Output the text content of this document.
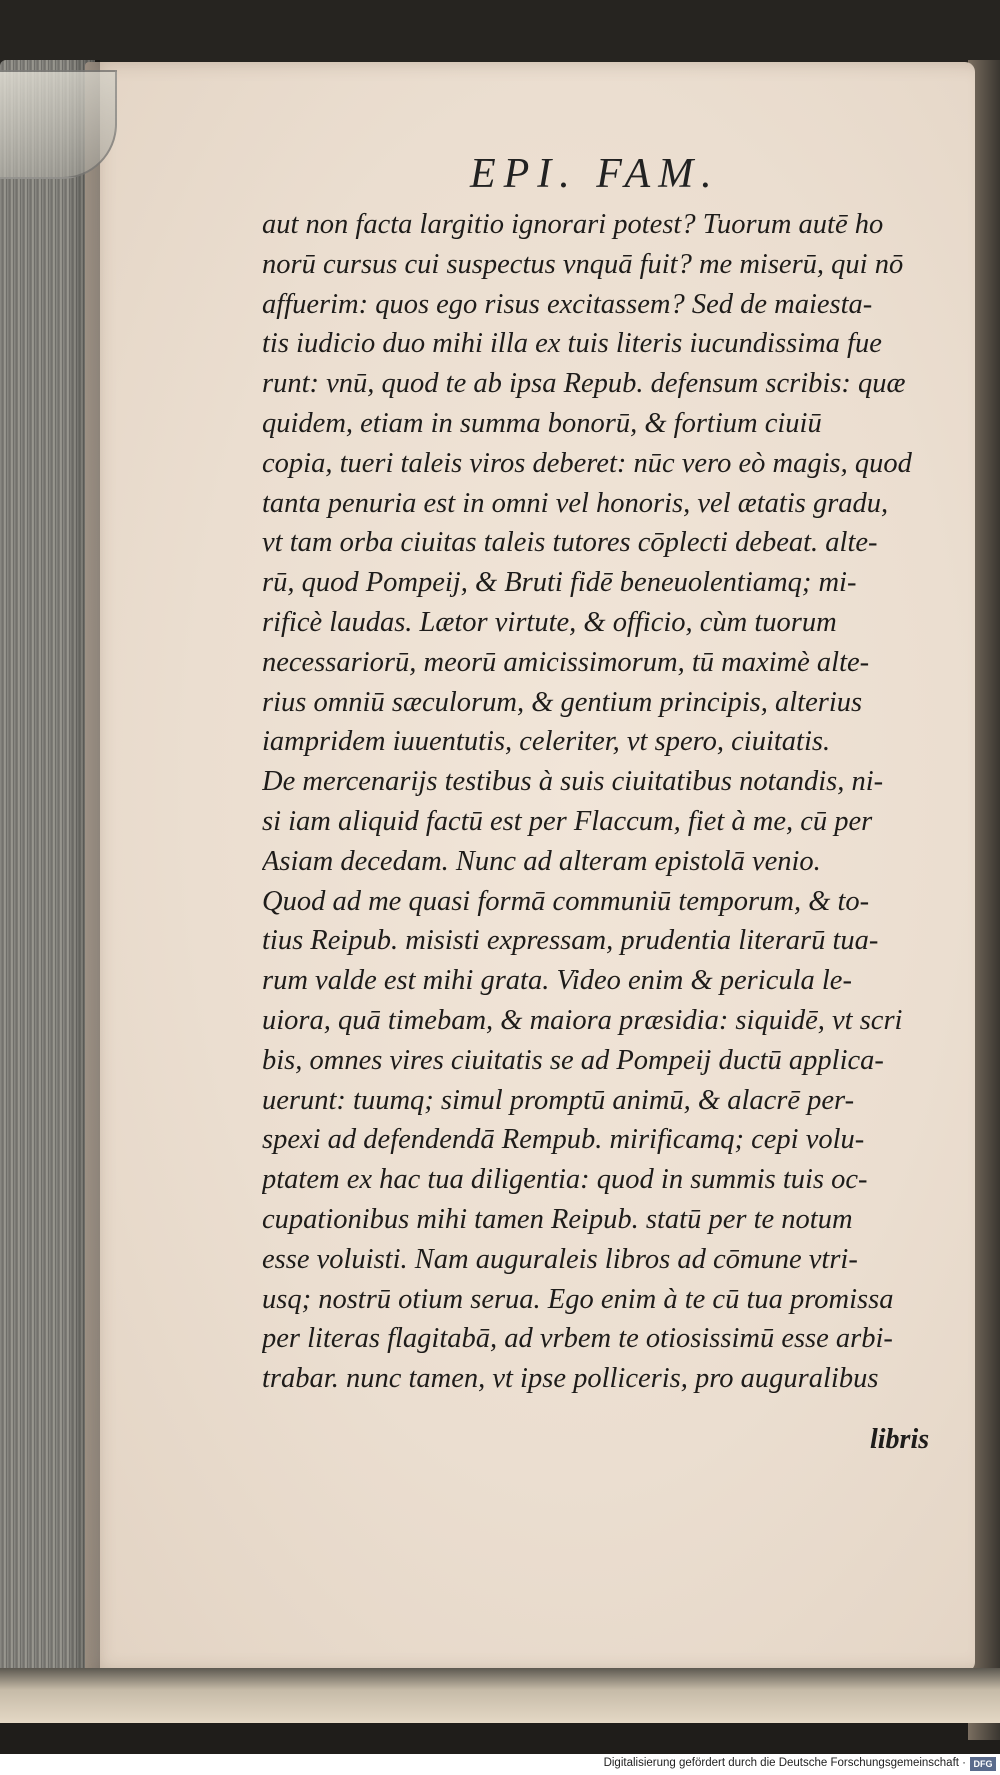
EPI. FAM.
aut non facta largitio ignorari potest? Tuorum autē ho
norū cursus cui suspectus vnquā fuit? me miserū, qui nō
affuerim: quos ego risus excitassem? Sed de maiesta-
tis iudicio duo mihi illa ex tuis literis iucundissima fue
runt: vnū, quod te ab ipsa Repub. defensum scribis: quæ
quidem, etiam in summa bonorū, & fortium ciuiū
copia, tueri taleis viros deberet: nūc vero eò magis, quod
tanta penuria est in omni vel honoris, vel ætatis gradu,
vt tam orba ciuitas taleis tutores cōplecti debeat. alte-
rū, quod Pompeij, & Bruti fidē beneuolentiamq; mi-
rificè laudas. Lætor virtute, & officio, cùm tuorum
necessariorū, meorū amicissimorum, tū maximè alte-
rius omniū sæculorum, & gentium principis, alterius
iampridem iuuentutis, celeriter, vt spero, ciuitatis.
De mercenarijs testibus à suis ciuitatibus notandis, ni-
si iam aliquid factū est per Flaccum, fiet à me, cū per
Asiam decedam. Nunc ad alteram epistolā venio.
Quod ad me quasi formā communiū temporum, & to-
tius Reipub. misisti expressam, prudentia literarū tua-
rum valde est mihi grata. Video enim & pericula le-
uiora, quā timebam, & maiora præsidia: siquidē, vt scri
bis, omnes vires ciuitatis se ad Pompeij ductū applica-
uerunt: tuumq; simul promptū animū, & alacrē per-
spexi ad defendendā Rempub. mirificamq; cepi volu-
ptatem ex hac tua diligentia: quod in summis tuis oc-
cupationibus mihi tamen Reipub. statū per te notum
esse voluisti. Nam auguraleis libros ad cōmune vtri-
usq; nostrū otium serua. Ego enim à te cū tua promissa
per literas flagitabā, ad vrbem te otiosissimū esse arbi-
trabar. nunc tamen, vt ipse polliceris, pro auguralibus
libris
Digitalisierung gefördert durch die Deutsche Forschungsgemeinschaft · DFG
